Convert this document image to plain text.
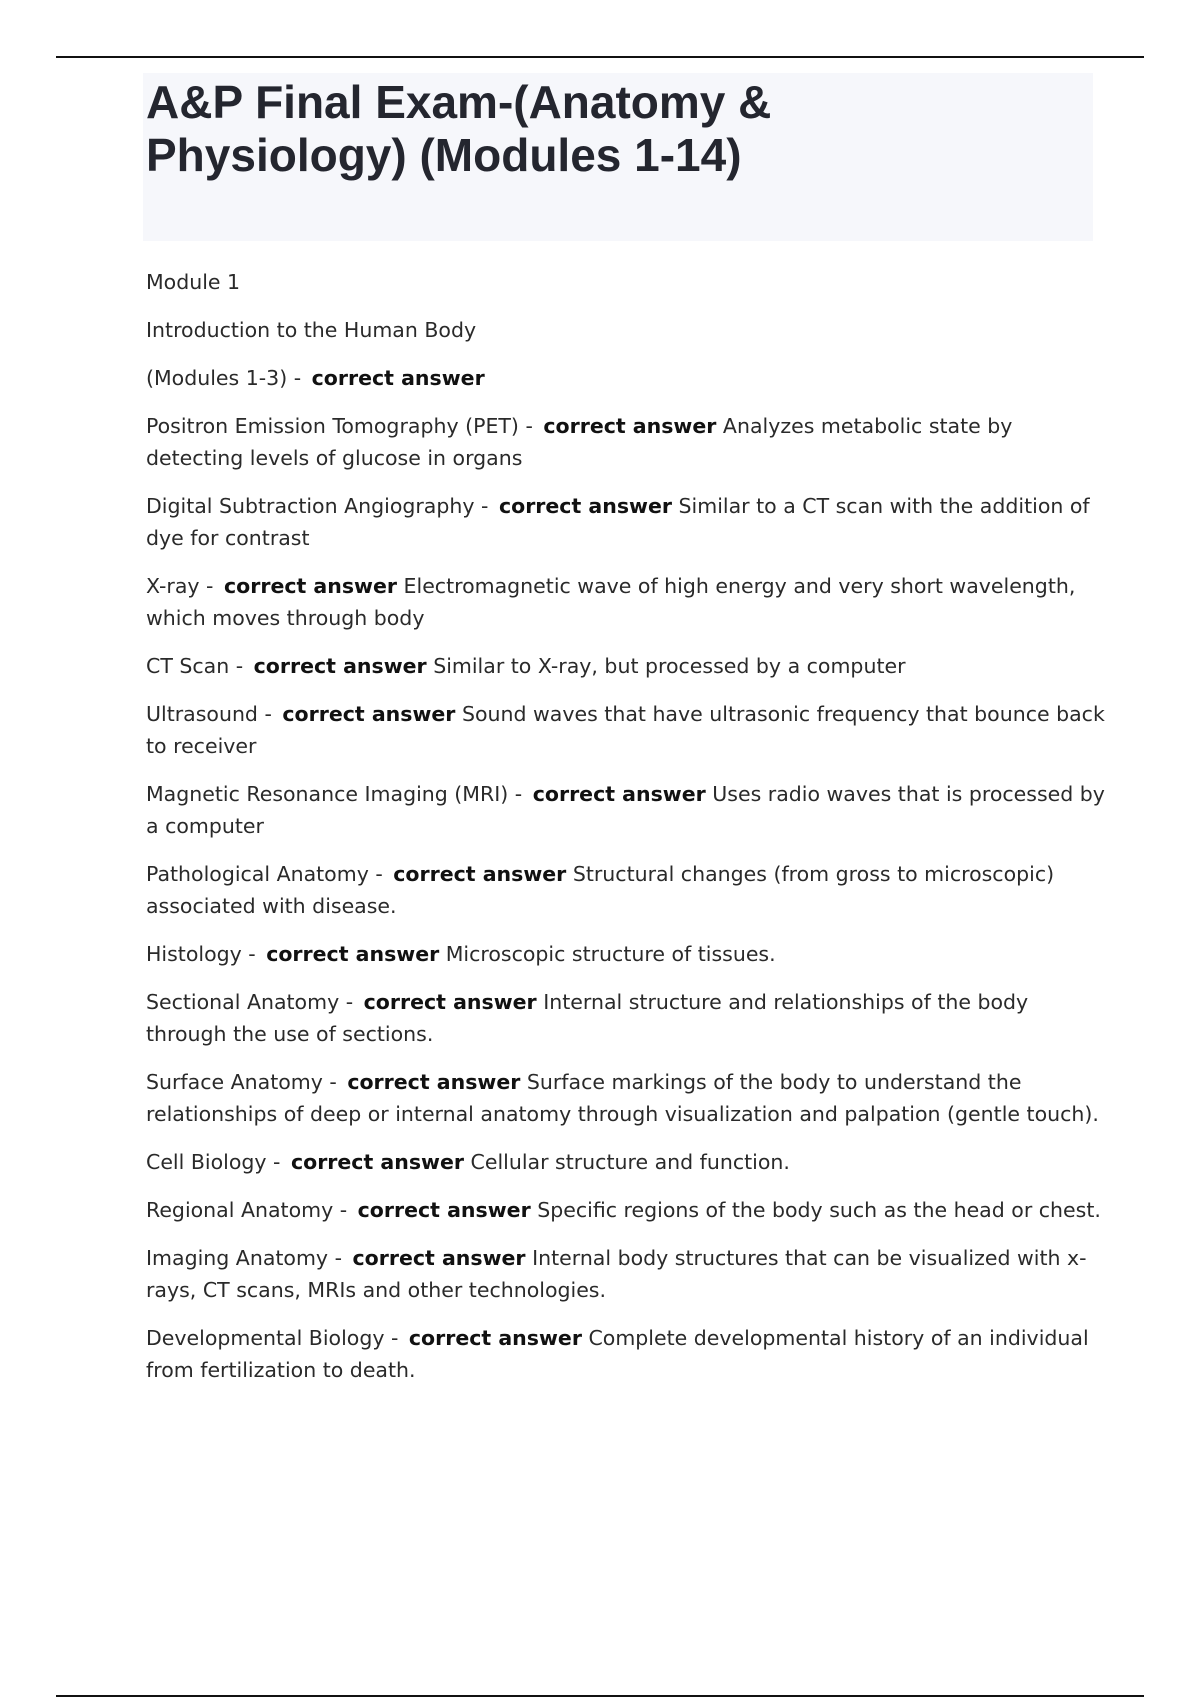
A&P Final Exam-(Anatomy &
Physiology) (Modules 1-14)

Module 1

Introduction to the Human Body

(Modules 1-3) - correct answer

Positron Emission Tomography (PET) - correct answer Analyzes metabolic state by detecting levels of glucose in organs

Digital Subtraction Angiography - correct answer Similar to a CT scan with the addition of dye for contrast

X-ray - correct answer Electromagnetic wave of high energy and very short wavelength, which moves through body

CT Scan - correct answer Similar to X-ray, but processed by a computer

Ultrasound - correct answer Sound waves that have ultrasonic frequency that bounce back to receiver

Magnetic Resonance Imaging (MRI) - correct answer Uses radio waves that is processed by a computer

Pathological Anatomy - correct answer Structural changes (from gross to microscopic) associated with disease.

Histology - correct answer Microscopic structure of tissues.

Sectional Anatomy - correct answer Internal structure and relationships of the body through the use of sections.

Surface Anatomy - correct answer Surface markings of the body to understand the relationships of deep or internal anatomy through visualization and palpation (gentle touch).

Cell Biology - correct answer Cellular structure and function.

Regional Anatomy - correct answer Specific regions of the body such as the head or chest.

Imaging Anatomy - correct answer Internal body structures that can be visualized with x-rays, CT scans, MRIs and other technologies.

Developmental Biology - correct answer Complete developmental history of an individual from fertilization to death.
